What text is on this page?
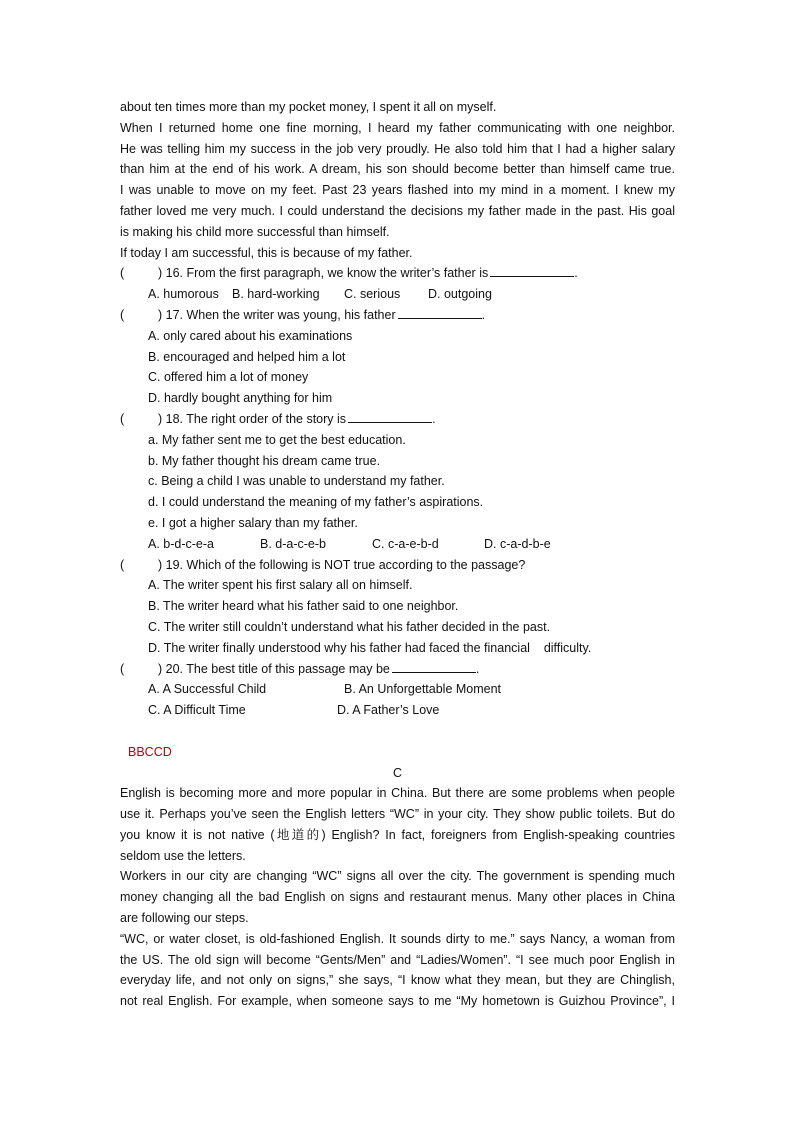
about ten times more than my pocket money, I spent it all on myself.
When I returned home one fine morning, I heard my father communicating with one neighbor.
He was telling him my success in the job very proudly. He also told him that I had a higher salary
than him at the end of his work. A dream, his son should become better than himself came true.
I was unable to move on my feet. Past 23 years flashed into my mind in a moment. I knew my
father loved me very much. I could understand the decisions my father made in the past. His goal
is making his child more successful than himself.
If today I am successful, this is because of my father.
(	) 16. From the first paragraph, we know the writer’s father is	.
A. humorous	B. hard-working	C. serious	D. outgoing
(	) 17. When the writer was young, his father	.
A. only cared about his examinations
B. encouraged and helped him a lot
C. offered him a lot of money
D. hardly bought anything for him
(	) 18. The right order of the story is	.
a. My father sent me to get the best education.
b. My father thought his dream came true.
c. Being a child I was unable to understand my father.
d. I could understand the meaning of my father’s aspirations.
e. I got a higher salary than my father.
A. b-d-c-e-a	B. d-a-c-e-b	C. c-a-e-b-d	D. c-a-d-b-e
(	) 19. Which of the following is NOT true according to the passage?
A. The writer spent his first salary all on himself.
B. The writer heard what his father said to one neighbor.
C. The writer still couldn’t understand what his father decided in the past.
D. The writer finally understood why his father had faced the financial    difficulty.
(	) 20. The best title of this passage may be	.
A. A Successful Child	B. An Unforgettable Moment
C. A Difficult Time	D. A Father’s Love
BBCCD
C
English is becoming more and more popular in China. But there are some problems when people
use it. Perhaps you’ve seen the English letters “WC” in your city. They show public toilets. But do
you know it is not native (地道的) English? In fact, foreigners from English-speaking countries
seldom use the letters.
Workers in our city are changing “WC” signs all over the city. The government is spending much
money changing all the bad English on signs and restaurant menus. Many other places in China
are following our steps.
“WC, or water closet, is old-fashioned English. It sounds dirty to me.” says Nancy, a woman from
the US. The old sign will become “Gents/Men” and “Ladies/Women”. “I see much poor English in
everyday life, and not only on signs,” she says, “I know what they mean, but they are Chinglish,
not real English. For example, when someone says to me “My hometown is Guizhou Province”, I
